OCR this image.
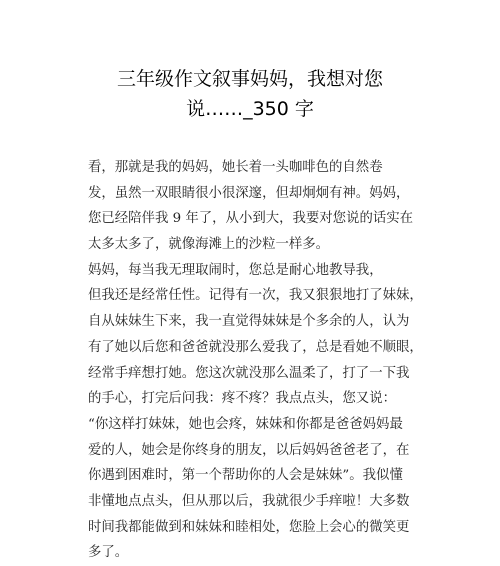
三年级作文叙事妈妈，我想对您
说……_350 字
看，那就是我的妈妈，她长着一头咖啡色的自然卷
发，虽然一双眼睛很小很深邃，但却炯炯有神。妈妈，
您已经陪伴我 9 年了，从小到大，我要对您说的话实在
太多太多了，就像海滩上的沙粒一样多。
妈妈，每当我无理取闹时，您总是耐心地教导我，
但我还是经常任性。记得有一次，我又狠狠地打了妹妹，
自从妹妹生下来，我一直觉得妹妹是个多余的人，认为
有了她以后您和爸爸就没那么爱我了，总是看她不顺眼，
经常手痒想打她。您这次就没那么温柔了，打了一下我
的手心，打完后问我：疼不疼？我点点头，您又说：
“你这样打妹妹，她也会疼，妹妹和你都是爸爸妈妈最
爱的人，她会是你终身的朋友，以后妈妈爸爸老了，在
你遇到困难时，第一个帮助你的人会是妹妹”。我似懂
非懂地点点头，但从那以后，我就很少手痒啦！大多数
时间我都能做到和妹妹和睦相处，您脸上会心的微笑更
多了。
